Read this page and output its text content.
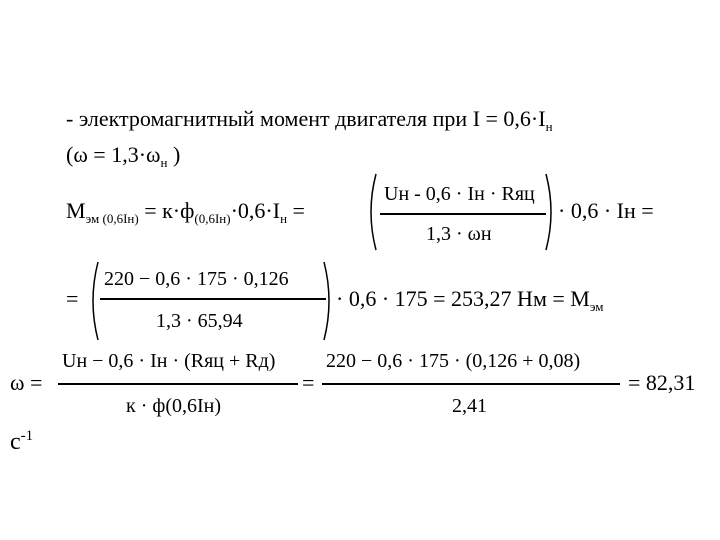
- электромагнитный момент двигателя при $I = 0,6\cdot I_н$
($\omega = 1,3\cdot\omega_н$ )
$М_{эм (0,6Iн)} = к\cdot ф_{(0,6Iн)}\cdot 0,6\cdot I_н$ =
Uн - 0,6 · Iн · Rяц
1,3 · ωн
· 0,6 · Iн =
=
220 − 0,6 · 175 · 0,126
1,3 · 65,94
· 0,6 · 175 = 253,27 Нм = $М_{эм}$
ω =
Uн − 0,6 · Iн · (Rяц + Rд)
к · ф(0,6Iн)
=
220 − 0,6 · 175 · (0,126 + 0,08)
2,41
= 82,31
$с^{-1}$
